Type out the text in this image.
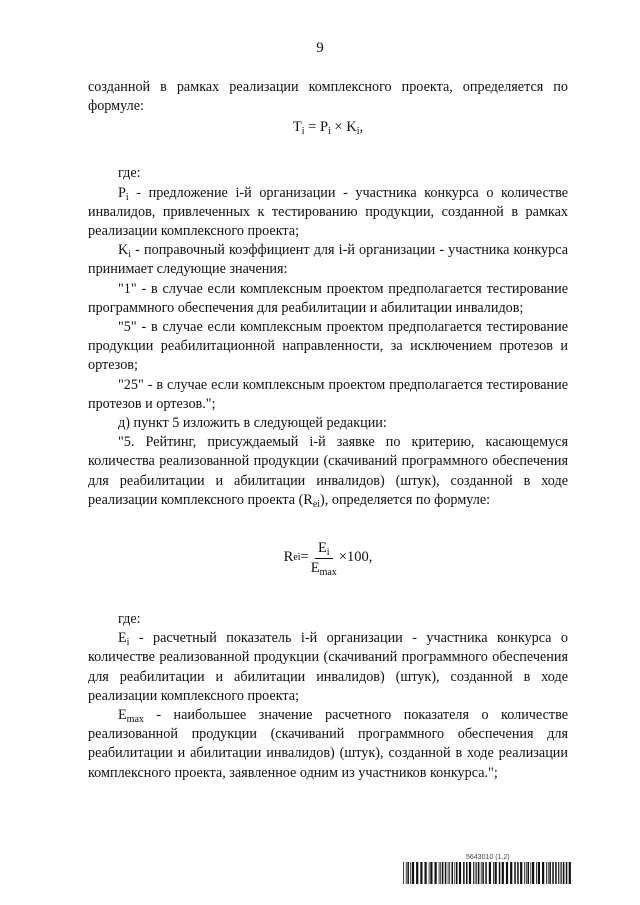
9

созданной в рамках реализации комплексного проекта, определяется по формуле:

$T_i = P_i \times K_i$,

где:

$P_i$ - предложение i-й организации - участника конкурса о количестве инвалидов, привлеченных к тестированию продукции, созданной в рамках реализации комплексного проекта;

$K_i$ - поправочный коэффициент для i-й организации - участника конкурса принимает следующие значения:

"1" - в случае если комплексным проектом предполагается тестирование программного обеспечения для реабилитации и абилитации инвалидов;

"5" - в случае если комплексным проектом предполагается тестирование продукции реабилитационной направленности, за исключением протезов и ортезов;

"25" - в случае если комплексным проектом предполагается тестирование протезов и ортезов.";

д) пункт 5 изложить в следующей редакции:

"5. Рейтинг, присуждаемый i-й заявке по критерию, касающемуся количества реализованной продукции (скачиваний программного обеспечения для реабилитации и абилитации инвалидов) (штук), созданной в ходе реализации комплексного проекта $(R_{ei})$, определяется по формуле:

R ei = $\frac{E_i}{E_{max}} \times 100$,

где:

$E_i$ - расчетный показатель i-й организации - участника конкурса о количестве реализованной продукции (скачиваний программного обеспечения для реабилитации и абилитации инвалидов) (штук), созданной в ходе реализации комплексного проекта;

$E_{max}$ - наибольшее значение расчетного показателя о количестве реализованной продукции (скачиваний программного обеспечения для реабилитации и абилитации инвалидов) (штук), созданной в ходе реализации комплексного проекта, заявленное одним из участников конкурса.";

5643010 (1.2)
